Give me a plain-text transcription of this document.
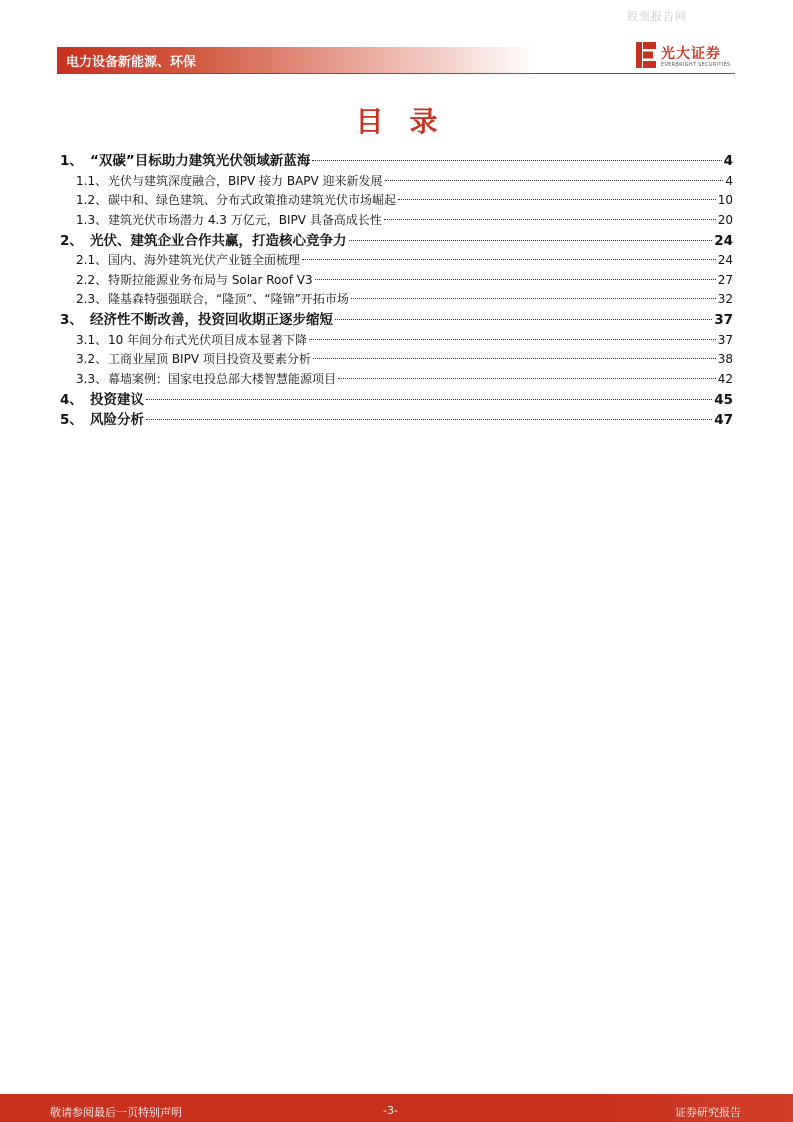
股票报告网
电力设备新能源、环保
光大证券
EVERBRIGHT SECURITIES
目录
1、 “双碳”目标助力建筑光伏领域新蓝海	4
1.1、 光伏与建筑深度融合，BIPV 接力 BAPV 迎来新发展	4
1.2、 碳中和、绿色建筑、分布式政策推动建筑光伏市场崛起	10
1.3、 建筑光伏市场潜力 4.3 万亿元，BIPV 具备高成长性	20
2、 光伏、建筑企业合作共赢，打造核心竞争力	24
2.1、 国内、海外建筑光伏产业链全面梳理	24
2.2、 特斯拉能源业务布局与 Solar Roof V3	27
2.3、 隆基森特强强联合，“隆顶”、“隆锦”开拓市场	32
3、 经济性不断改善，投资回收期正逐步缩短	37
3.1、 10 年间分布式光伏项目成本显著下降	37
3.2、 工商业屋顶 BIPV 项目投资及要素分析	38
3.3、 幕墙案例：国家电投总部大楼智慧能源项目	42
4、 投资建议	45
5、 风险分析	47
敬请参阅最后一页特别声明	-3-	证券研究报告
